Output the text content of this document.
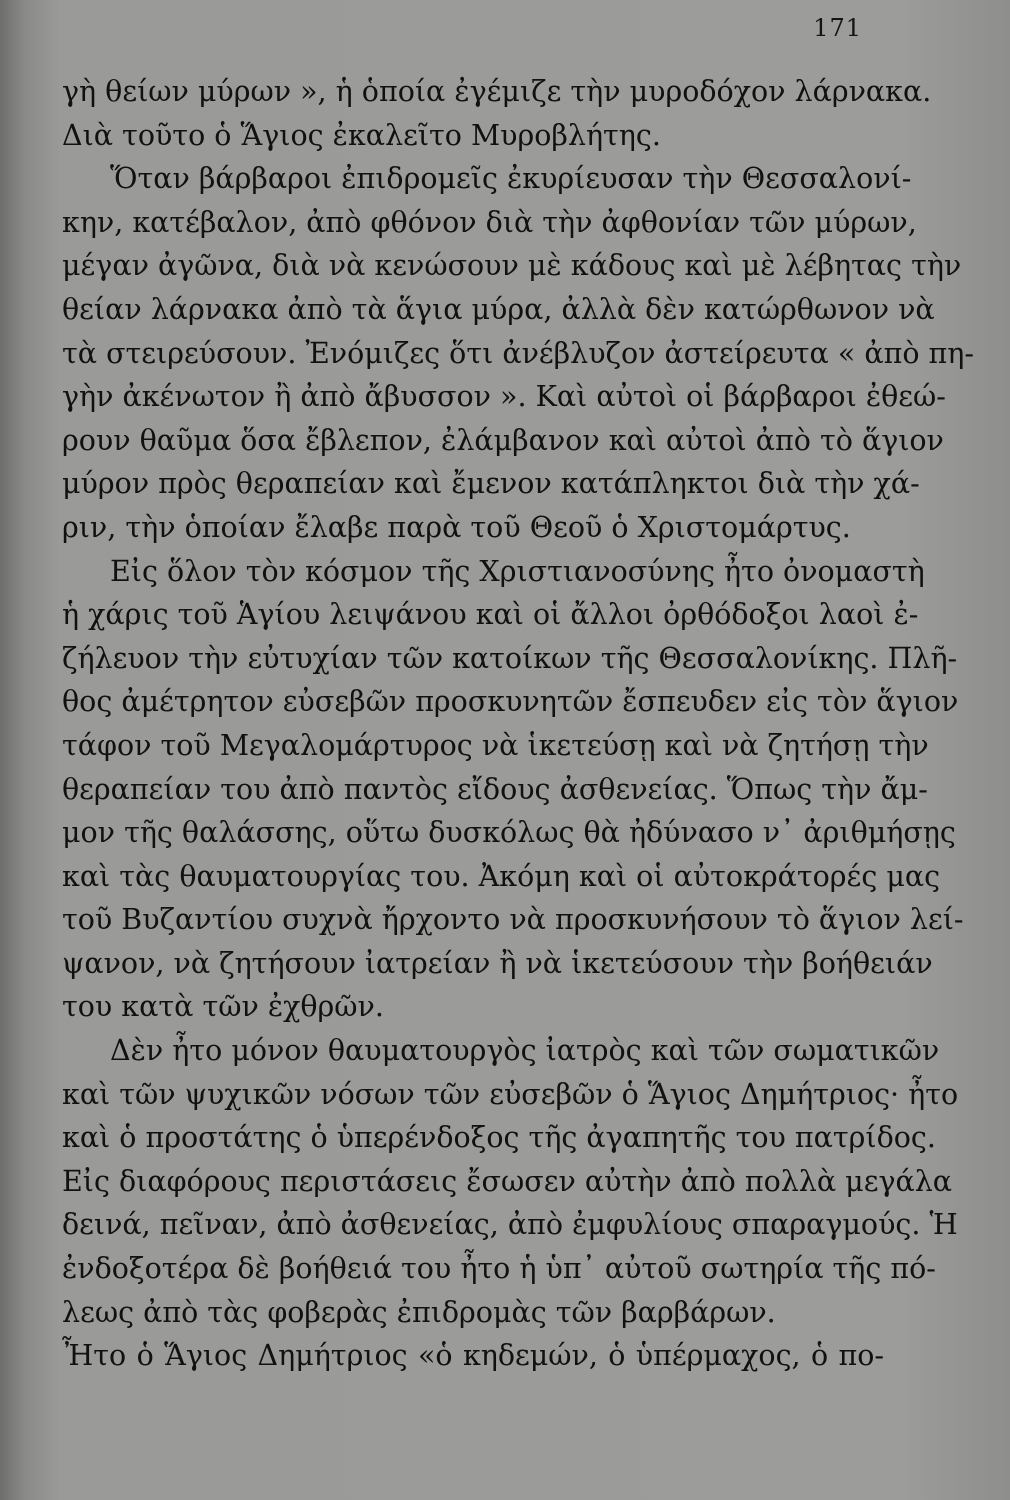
171
γὴ θείων μύρων », ἡ ὁποία ἐγέμιζε τὴν μυροδόχον λάρνακα.
Διὰ τοῦτο ὁ Ἅγιος ἐκαλεῖτο Μυροβλήτης.
Ὅταν βάρβαροι ἐπιδρομεῖς ἐκυρίευσαν τὴν Θεσσαλονί-
κην, κατέβαλον, ἀπὸ φθόνον διὰ τὴν ἀφθονίαν τῶν μύρων,
μέγαν ἀγῶνα, διὰ νὰ κενώσουν μὲ κάδους καὶ μὲ λέβητας τὴν
θείαν λάρνακα ἀπὸ τὰ ἅγια μύρα, ἀλλὰ δὲν κατώρθωνον νὰ
τὰ στειρεύσουν. Ἐνόμιζες ὅτι ἀνέβλυζον ἀστείρευτα « ἀπὸ πη-
γὴν ἀκένωτον ἢ ἀπὸ ἄβυσσον ». Καὶ αὐτοὶ οἱ βάρβαροι ἐθεώ-
ρουν θαῦμα ὅσα ἔβλεπον, ἐλάμβανον καὶ αὐτοὶ ἀπὸ τὸ ἅγιον
μύρον πρὸς θεραπείαν καὶ ἔμενον κατάπληκτοι διὰ τὴν χά-
ριν, τὴν ὁποίαν ἔλαβε παρὰ τοῦ Θεοῦ ὁ Χριστομάρτυς.
Εἰς ὅλον τὸν κόσμον τῆς Χριστιανοσύνης ἦτο ὀνομαστὴ
ἡ χάρις τοῦ Ἁγίου λειψάνου καὶ οἱ ἄλλοι ὀρθόδοξοι λαοὶ ἐ-
ζήλευον τὴν εὐτυχίαν τῶν κατοίκων τῆς Θεσσαλονίκης. Πλῆ-
θος ἀμέτρητον εὐσεβῶν προσκυνητῶν ἔσπευδεν εἰς τὸν ἅγιον
τάφον τοῦ Μεγαλομάρτυρος νὰ ἱκετεύσῃ καὶ νὰ ζητήσῃ τὴν
θεραπείαν του ἀπὸ παντὸς εἴδους ἀσθενείας. Ὅπως τὴν ἄμ-
μον τῆς θαλάσσης, οὕτω δυσκόλως θὰ ἠδύνασο ν᾽ ἀριθμήσῃς
καὶ τὰς θαυματουργίας του. Ἀκόμη καὶ οἱ αὐτοκράτορές μας
τοῦ Βυζαντίου συχνὰ ἤρχοντο νὰ προσκυνήσουν τὸ ἅγιον λεί-
ψανον, νὰ ζητήσουν ἰατρείαν ἢ νὰ ἱκετεύσουν τὴν βοήθειάν
του κατὰ τῶν ἐχθρῶν.
Δὲν ἦτο μόνον θαυματουργὸς ἰατρὸς καὶ τῶν σωματικῶν
καὶ τῶν ψυχικῶν νόσων τῶν εὐσεβῶν ὁ Ἅγιος Δημήτριος· ἦτο
καὶ ὁ προστάτης ὁ ὑπερένδοξος τῆς ἀγαπητῆς του πατρίδος.
Εἰς διαφόρους περιστάσεις ἔσωσεν αὐτὴν ἀπὸ πολλὰ μεγάλα
δεινά, πεῖναν, ἀπὸ ἀσθενείας, ἀπὸ ἐμφυλίους σπαραγμούς. Ἡ
ἐνδοξοτέρα δὲ βοήθειά του ἦτο ἡ ὑπ᾽ αὐτοῦ σωτηρία τῆς πό-
λεως ἀπὸ τὰς φοβερὰς ἐπιδρομὰς τῶν βαρβάρων.
Ἦτο ὁ Ἅγιος Δημήτριος «ὁ κηδεμών, ὁ ὑπέρμαχος, ὁ πο-
